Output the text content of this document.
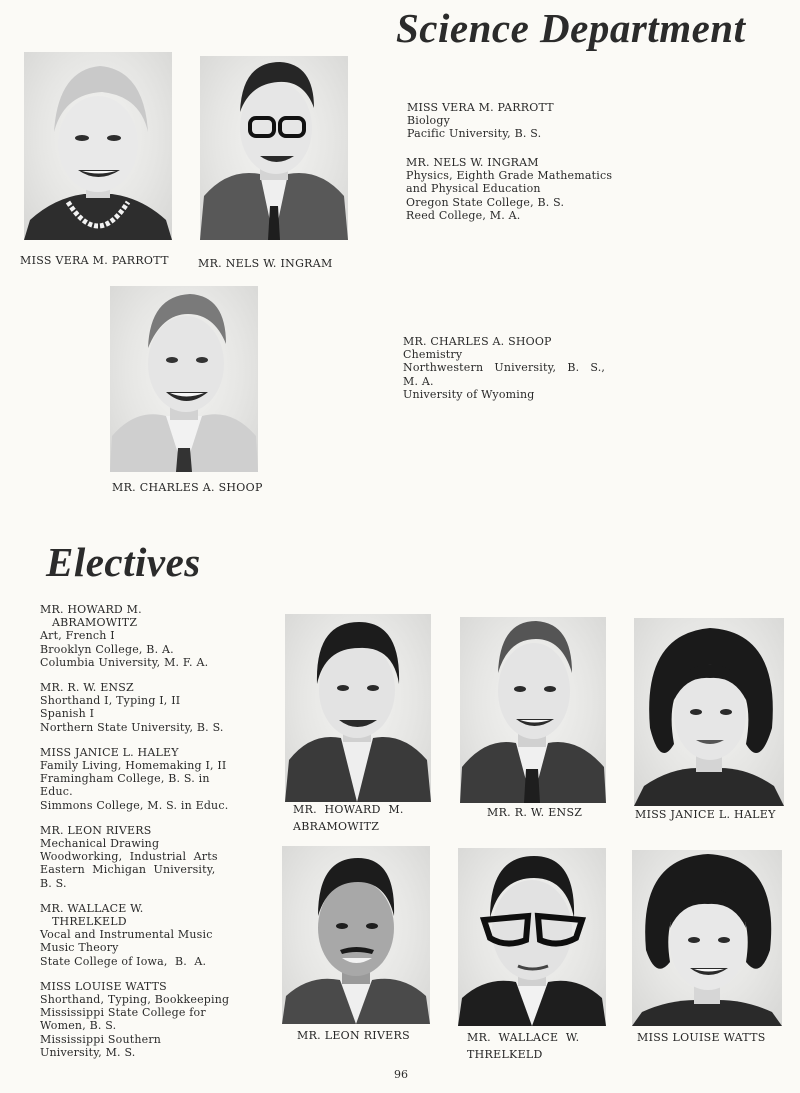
Science Department
Electives
MISS VERA M. PARROTT	MR. NELS W. INGRAM
MR. CHARLES A. SHOOP
MISS VERA M. PARROTT
Biology
Pacific University, B. S.
MR. NELS W. INGRAM
Physics, Eighth Grade Mathematics
and Physical Education
Oregon State College, B. S.
Reed College, M. A.
MR. CHARLES A. SHOOP
Chemistry
Northwestern   University,   B.   S.,
M. A.
University of Wyoming
MR. HOWARD M.
ABRAMOWITZ
Art, French I
Brooklyn College, B. A.
Columbia University, M. F. A.
MR. R. W. ENSZ
Shorthand I, Typing I, II
Spanish I
Northern State University, B. S.
MISS JANICE L. HALEY
Family Living, Homemaking I, II
Framingham College, B. S. in
Educ.
Simmons College, M. S. in Educ.
MR. LEON RIVERS
Mechanical Drawing
Woodworking,  Industrial  Arts
Eastern  Michigan  University,
B. S.
MR. WALLACE W.
THRELKELD
Vocal and Instrumental Music
Music Theory
State College of Iowa,  B.  A.
MISS LOUISE WATTS
Shorthand, Typing, Bookkeeping
Mississippi State College for
Women, B. S.
Mississippi Southern
University, M. S.
MR.  HOWARD  M.
ABRAMOWITZ
MR. R. W. ENSZ	MISS JANICE L. HALEY
MR. LEON RIVERS	MR.  WALLACE  W.
THRELKELD
MISS LOUISE WATTS
96
